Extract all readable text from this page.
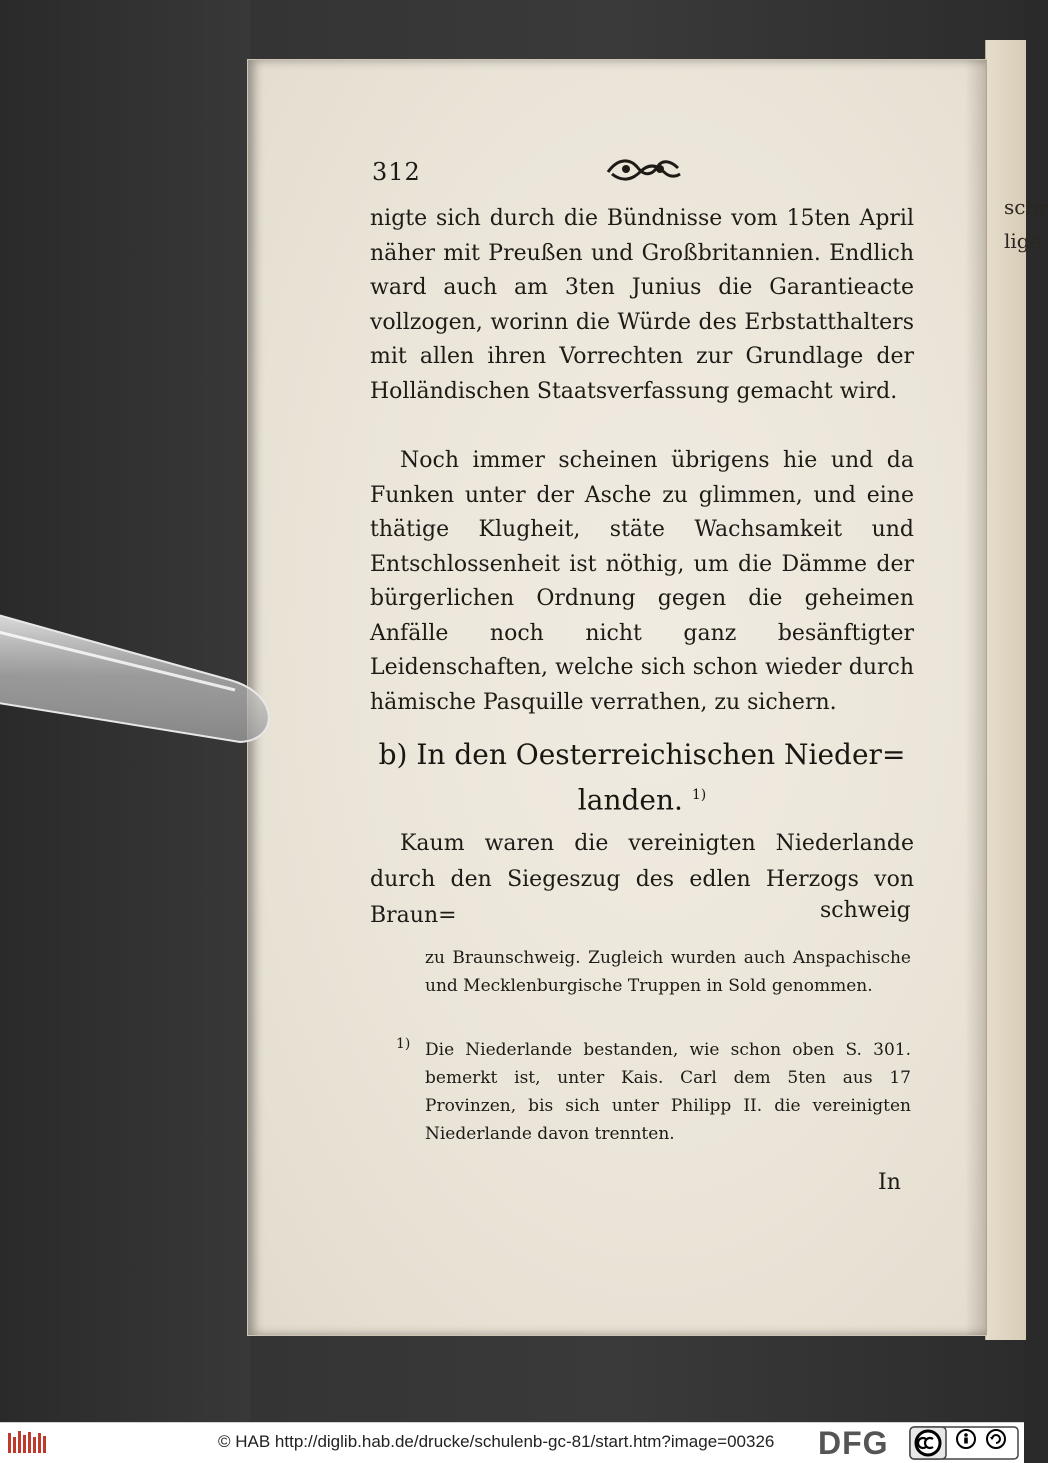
schr
lige
312
nigte sich durch die Bündnisse vom 15ten April näher mit Preußen und Großbritannien. Endlich ward auch am 3ten Junius die Garantieacte vollzogen, worinn die Würde des Erbstatthalters mit allen ihren Vorrechten zur Grundlage der Holländischen Staatsverfassung gemacht wird.
Noch immer scheinen übrigens hie und da Funken unter der Asche zu glimmen, und eine thätige Klugheit, stäte Wachsamkeit und Entschlossenheit ist nöthig, um die Dämme der bürgerlichen Ordnung gegen die geheimen Anfälle noch nicht ganz besänftigter Leidenschaften, welche sich schon wieder durch hämische Pasquille verrathen, zu sichern.
b) In den Oesterreichischen Nieder=
landen. $^{1)}$
Kaum waren die vereinigten Niederlande durch den Siegeszug des edlen Herzogs von Braun=	schweig
zu Braunschweig. Zugleich wurden auch Anspachische und Mecklenburgische Truppen in Sold genommen.
$^{1)}$ Die Niederlande bestanden, wie schon oben S. 301. bemerkt ist, unter Kais. Carl dem 5ten aus 17 Provinzen, bis sich unter Philipp II. die vereinigten Niederlande davon trennten.
In
© HAB http://diglib.hab.de/drucke/schulenb-gc-81/start.htm?image=00326 DFG
